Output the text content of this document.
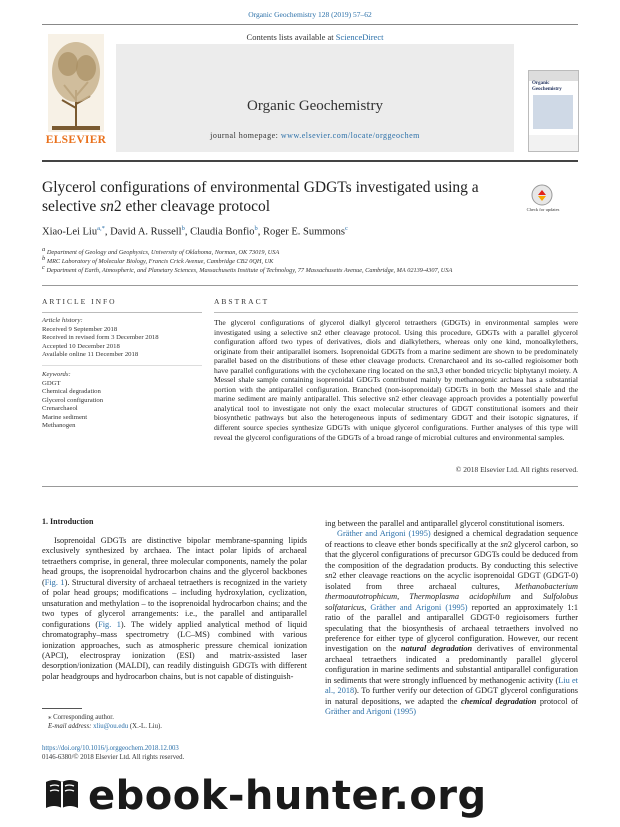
Organic Geochemistry 128 (2019) 57–62
ELSEVIER
Contents lists available at ScienceDirect
Organic Geochemistry
journal homepage: www.elsevier.com/locate/orggeochem
Organic Geochemistry
Glycerol configurations of environmental GDGTs investigated using a selective sn2 ether cleavage protocol	Check for updates
Xiao-Lei Liu$^{a,*}$, David A. Russell$^b$, Claudia Bonfio$^b$, Roger E. Summons$^c$
$^a$ Department of Geology and Geophysics, University of Oklahoma, Norman, OK 73019, USA
$^b$ MRC Laboratory of Molecular Biology, Francis Crick Avenue, Cambridge CB2 0QH, UK
$^c$ Department of Earth, Atmospheric, and Planetary Sciences, Massachusetts Institute of Technology, 77 Massachusetts Avenue, Cambridge, MA 02139-4307, USA
ARTICLE INFO	ABSTRACT
Article history:
Received 9 September 2018
Received in revised form 3 December 2018
Accepted 10 December 2018
Available online 11 December 2018
Keywords:
GDGT
Chemical degradation
Glycerol configuration
Crenarchaeol
Marine sediment
Methanogen
The glycerol configurations of glycerol dialkyl glycerol tetraethers (GDGTs) in environmental samples were investigated using a selective sn2 ether cleavage protocol. Using this procedure, GDGTs with a parallel glycerol configuration afford two types of derivatives, diols and dialkylethers, whereas only one kind, monoalkylethers, originate from their antiparallel isomers. Isoprenoidal GDGTs from a marine sediment are shown to be predominately parallel based on the distributions of these ether cleavage products. Crenarchaeol and its so-called regioisomer both have parallel configurations with the cyclohexane ring located on the sn3,3 ether bonded tricyclic biphytanyl moiety. A Messel shale sample containing isoprenoidal GDGTs contributed mainly by methanogenic archaea has a substantial portion with the antiparallel configuration. Branched (non-isoprenoidal) GDGTs in both the Messel shale and the marine sediment are mainly antiparallel. This selective sn2 ether cleavage approach provides a potentially powerful analytical tool to investigate not only the exact molecular structures of GDGT constitutional isomers and their biosynthetic pathways but also the heterogeneous inputs of sedimentary GDGT and their isotopic signatures, if different source species synthesize GDGTs with unique glycerol configurations. Further analyses of this type will reveal the glycerol configurations of the GDGTs of a broad range of microbial cultures and environmental samples.
© 2018 Elsevier Ltd. All rights reserved.
1. Introduction
Isoprenoidal GDGTs are distinctive bipolar membrane-spanning lipids exclusively synthesized by archaea. The intact polar lipids of archaeal tetraethers comprise, in general, three molecular components, namely the polar head groups, the isoprenoidal hydrocarbon chains and the glycerol backbones (Fig. 1). Structural diversity of archaeal tetraethers is recognized in the variety of polar head groups; modifications – including hydroxylation, cyclization, unsaturation and methylation – to the isoprenoidal hydrocarbon chains; and the two types of glycerol arrangements: i.e., the parallel and antiparallel configurations (Fig. 1). The widely applied analytical method of liquid chromatography–mass spectrometry (LC–MS) combined with various ionization approaches, such as atmospheric pressure chemical ionization (APCI), electrospray ionization (ESI) and matrix-assisted laser desorption/ionization (MALDI), can readily distinguish GDGTs with different polar headgroups and hydrocarbon chains, but is not capable of distinguish-
ing between the parallel and antiparallel glycerol constitutional isomers.
Gräther and Arigoni (1995) designed a chemical degradation sequence of reactions to cleave ether bonds specifically at the sn2 glycerol carbon, so that the glycerol configurations of precursor GDGTs could be deduced from the composition of the degradation products. By conducting this selective sn2 ether cleavage reactions on the acyclic isoprenoidal GDGT (GDGT-0) isolated from three archaeal cultures, Methanobacterium thermoautotrophicum, Thermoplasma acidophilum and Sulfolobus solfataricus, Gräther and Arigoni (1995) reported an approximately 1:1 ratio of the parallel and antiparallel GDGT-0 regioisomers further speculating that the biosynthesis of archaeal tetraethers involved no preference for either type of glycerol configuration. However, our recent investigation on the natural degradation derivatives of environmental archaeal tetraethers indicated a predominantly parallel glycerol configuration in marine sediments and substantial antiparallel configuration in sediments that were strongly influenced by methanogenic activity (Liu et al., 2018). To further verify our detection of GDGT glycerol configurations in natural depositions, we adapted the chemical degradation protocol of Gräther and Arigoni (1995)
⁎ Corresponding author.
E-mail address: xliu@ou.edu (X.-L. Liu).
https://doi.org/10.1016/j.orggeochem.2018.12.003
0146-6380/© 2018 Elsevier Ltd. All rights reserved.
ebook-hunter.org
